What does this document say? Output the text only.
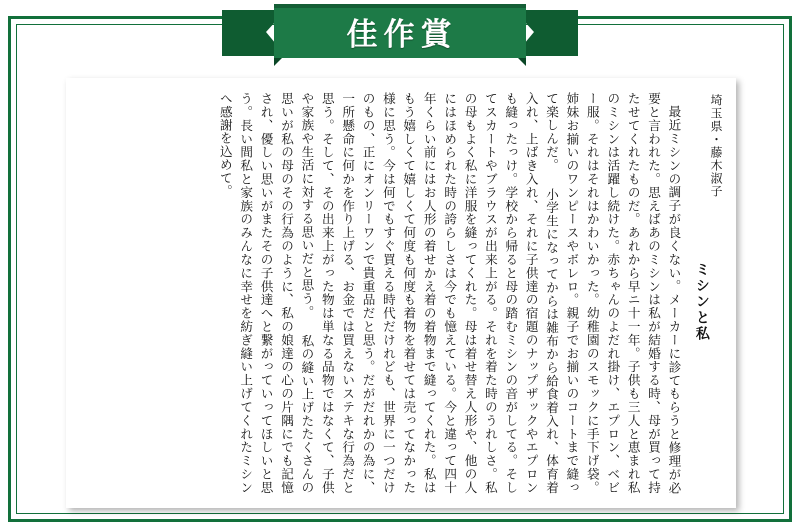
佳作賞
埼玉県・藤木淑子
ミシンと私

最近ミシンの調子が良くない。メーカーに診てもらうと修理が必要と言われた。思えばあのミシンは私が結婚する時、母が買って持たせてくれたものだ。あれから早ニ十一年。子供も三人と恵まれ私のミシンは活躍し続けた。赤ちゃんのよだれ掛け、エプロン、ベビー服。それはそれはかわいかった。幼稚園のスモックに手下げ袋。姉妹お揃いのワンピースやボレロ。親子でお揃いのコートまで縫って楽しんだ。 小学生になってからは雑布から給食着入れ、体育着入れ、上ばき入れ、それに子供達の宿題のナップザックやエプロンも縫ったっけ。学校から帰ると母の踏むミシンの音がしてる。そしてスカートやブラウスが出来上がる。それを着た時のうれしさ。私の母もよく私に洋服を縫ってくれた。母は着せ替え人形や、他の人にはほめられた時の誇らしさは今でも憶えている。今と違って四十年くらい前にはお人形の着せかえ着の着物まで縫ってくれた。私はもう嬉しくて嬉しくて何度も何度も着物を着せては売ってなかった様に思う。今は何でもすぐ買える時代だけれども、世界に一つだけのもの、正にオンリーワンで貴重品だと思う。だがだれかの為に、一所懸命に何かを作り上げる、お金では買えないステキな行為だと思う。そして、その出来上がった物は単なる品物ではなくて、子供や家族や生活に対する思いだと思う。 私の縫い上げたたくさんの思いが私の母のその行為のように、私の娘達の心の片隅にでも記憶され、優しい思いがまたその子供達へと繋がっていってほしいと思う。長い間私と家族のみんなに幸せを紡ぎ縫い上げてくれたミシンへ感謝を込めて。
